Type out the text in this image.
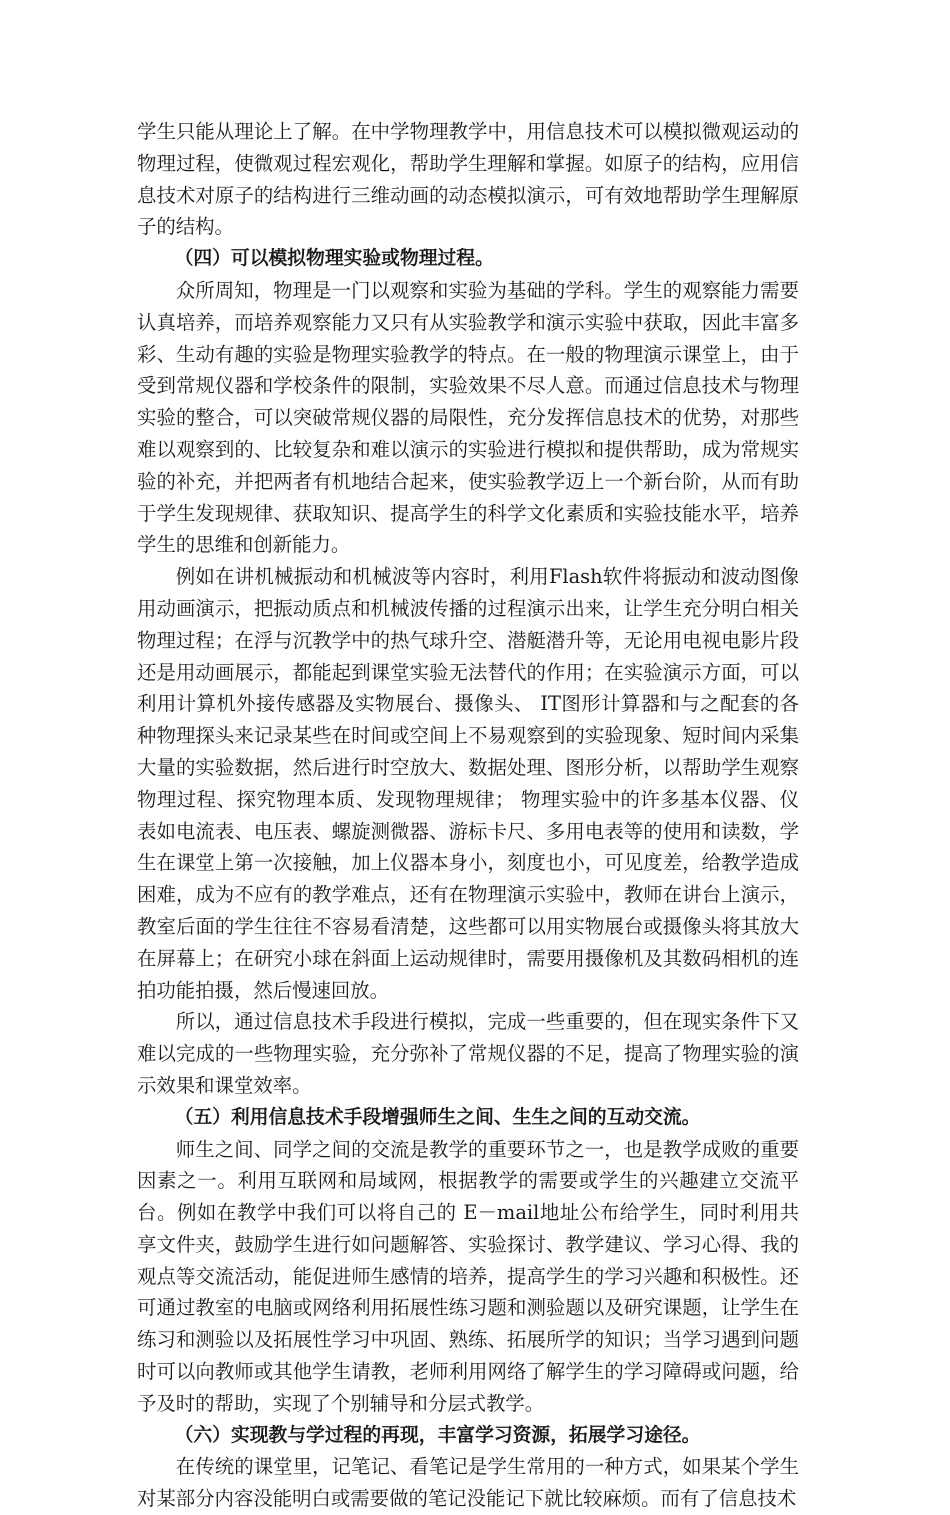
学生只能从理论上了解。在中学物理教学中，用信息技术可以模拟微观运动的物理过程，使微观过程宏观化，帮助学生理解和掌握。如原子的结构，应用信息技术对原子的结构进行三维动画的动态模拟演示，可有效地帮助学生理解原子的结构。

（四）可以模拟物理实验或物理过程。

众所周知，物理是一门以观察和实验为基础的学科。学生的观察能力需要认真培养，而培养观察能力又只有从实验教学和演示实验中获取，因此丰富多彩、生动有趣的实验是物理实验教学的特点。在一般的物理演示课堂上，由于受到常规仪器和学校条件的限制，实验效果不尽人意。而通过信息技术与物理实验的整合，可以突破常规仪器的局限性，充分发挥信息技术的优势，对那些难以观察到的、比较复杂和难以演示的实验进行模拟和提供帮助，成为常规实验的补充，并把两者有机地结合起来，使实验教学迈上一个新台阶，从而有助于学生发现规律、获取知识、提高学生的科学文化素质和实验技能水平，培养学生的思维和创新能力。

例如在讲机械振动和机械波等内容时，利用Flash软件将振动和波动图像用动画演示，把振动质点和机械波传播的过程演示出来，让学生充分明白相关物理过程；在浮与沉教学中的热气球升空、潜艇潜升等，无论用电视电影片段还是用动画展示，都能起到课堂实验无法替代的作用；在实验演示方面，可以利用计算机外接传感器及实物展台、摄像头、 IT图形计算器和与之配套的各种物理探头来记录某些在时间或空间上不易观察到的实验现象、短时间内采集大量的实验数据，然后进行时空放大、数据处理、图形分析，以帮助学生观察物理过程、探究物理本质、发现物理规律； 物理实验中的许多基本仪器、仪表如电流表、电压表、螺旋测微器、游标卡尺、多用电表等的使用和读数，学生在课堂上第一次接触，加上仪器本身小，刻度也小，可见度差，给教学造成困难，成为不应有的教学难点，还有在物理演示实验中，教师在讲台上演示，教室后面的学生往往不容易看清楚，这些都可以用实物展台或摄像头将其放大在屏幕上；在研究小球在斜面上运动规律时，需要用摄像机及其数码相机的连拍功能拍摄，然后慢速回放。

所以，通过信息技术手段进行模拟，完成一些重要的，但在现实条件下又难以完成的一些物理实验，充分弥补了常规仪器的不足，提高了物理实验的演示效果和课堂效率。

（五）利用信息技术手段增强师生之间、生生之间的互动交流。

师生之间、同学之间的交流是教学的重要环节之一，也是教学成败的重要因素之一。利用互联网和局域网，根据教学的需要或学生的兴趣建立交流平台。例如在教学中我们可以将自己的 E－mail地址公布给学生，同时利用共享文件夹，鼓励学生进行如问题解答、实验探讨、教学建议、学习心得、我的观点等交流活动，能促进师生感情的培养，提高学生的学习兴趣和积极性。还可通过教室的电脑或网络利用拓展性练习题和测验题以及研究课题，让学生在练习和测验以及拓展性学习中巩固、熟练、拓展所学的知识；当学习遇到问题时可以向教师或其他学生请教，老师利用网络了解学生的学习障碍或问题，给予及时的帮助，实现了个别辅导和分层式教学。

（六）实现教与学过程的再现，丰富学习资源，拓展学习途径。

在传统的课堂里，记笔记、看笔记是学生常用的一种方式，如果某个学生对某部分内容没能明白或需要做的笔记没能记下就比较麻烦。而有了信息技术
